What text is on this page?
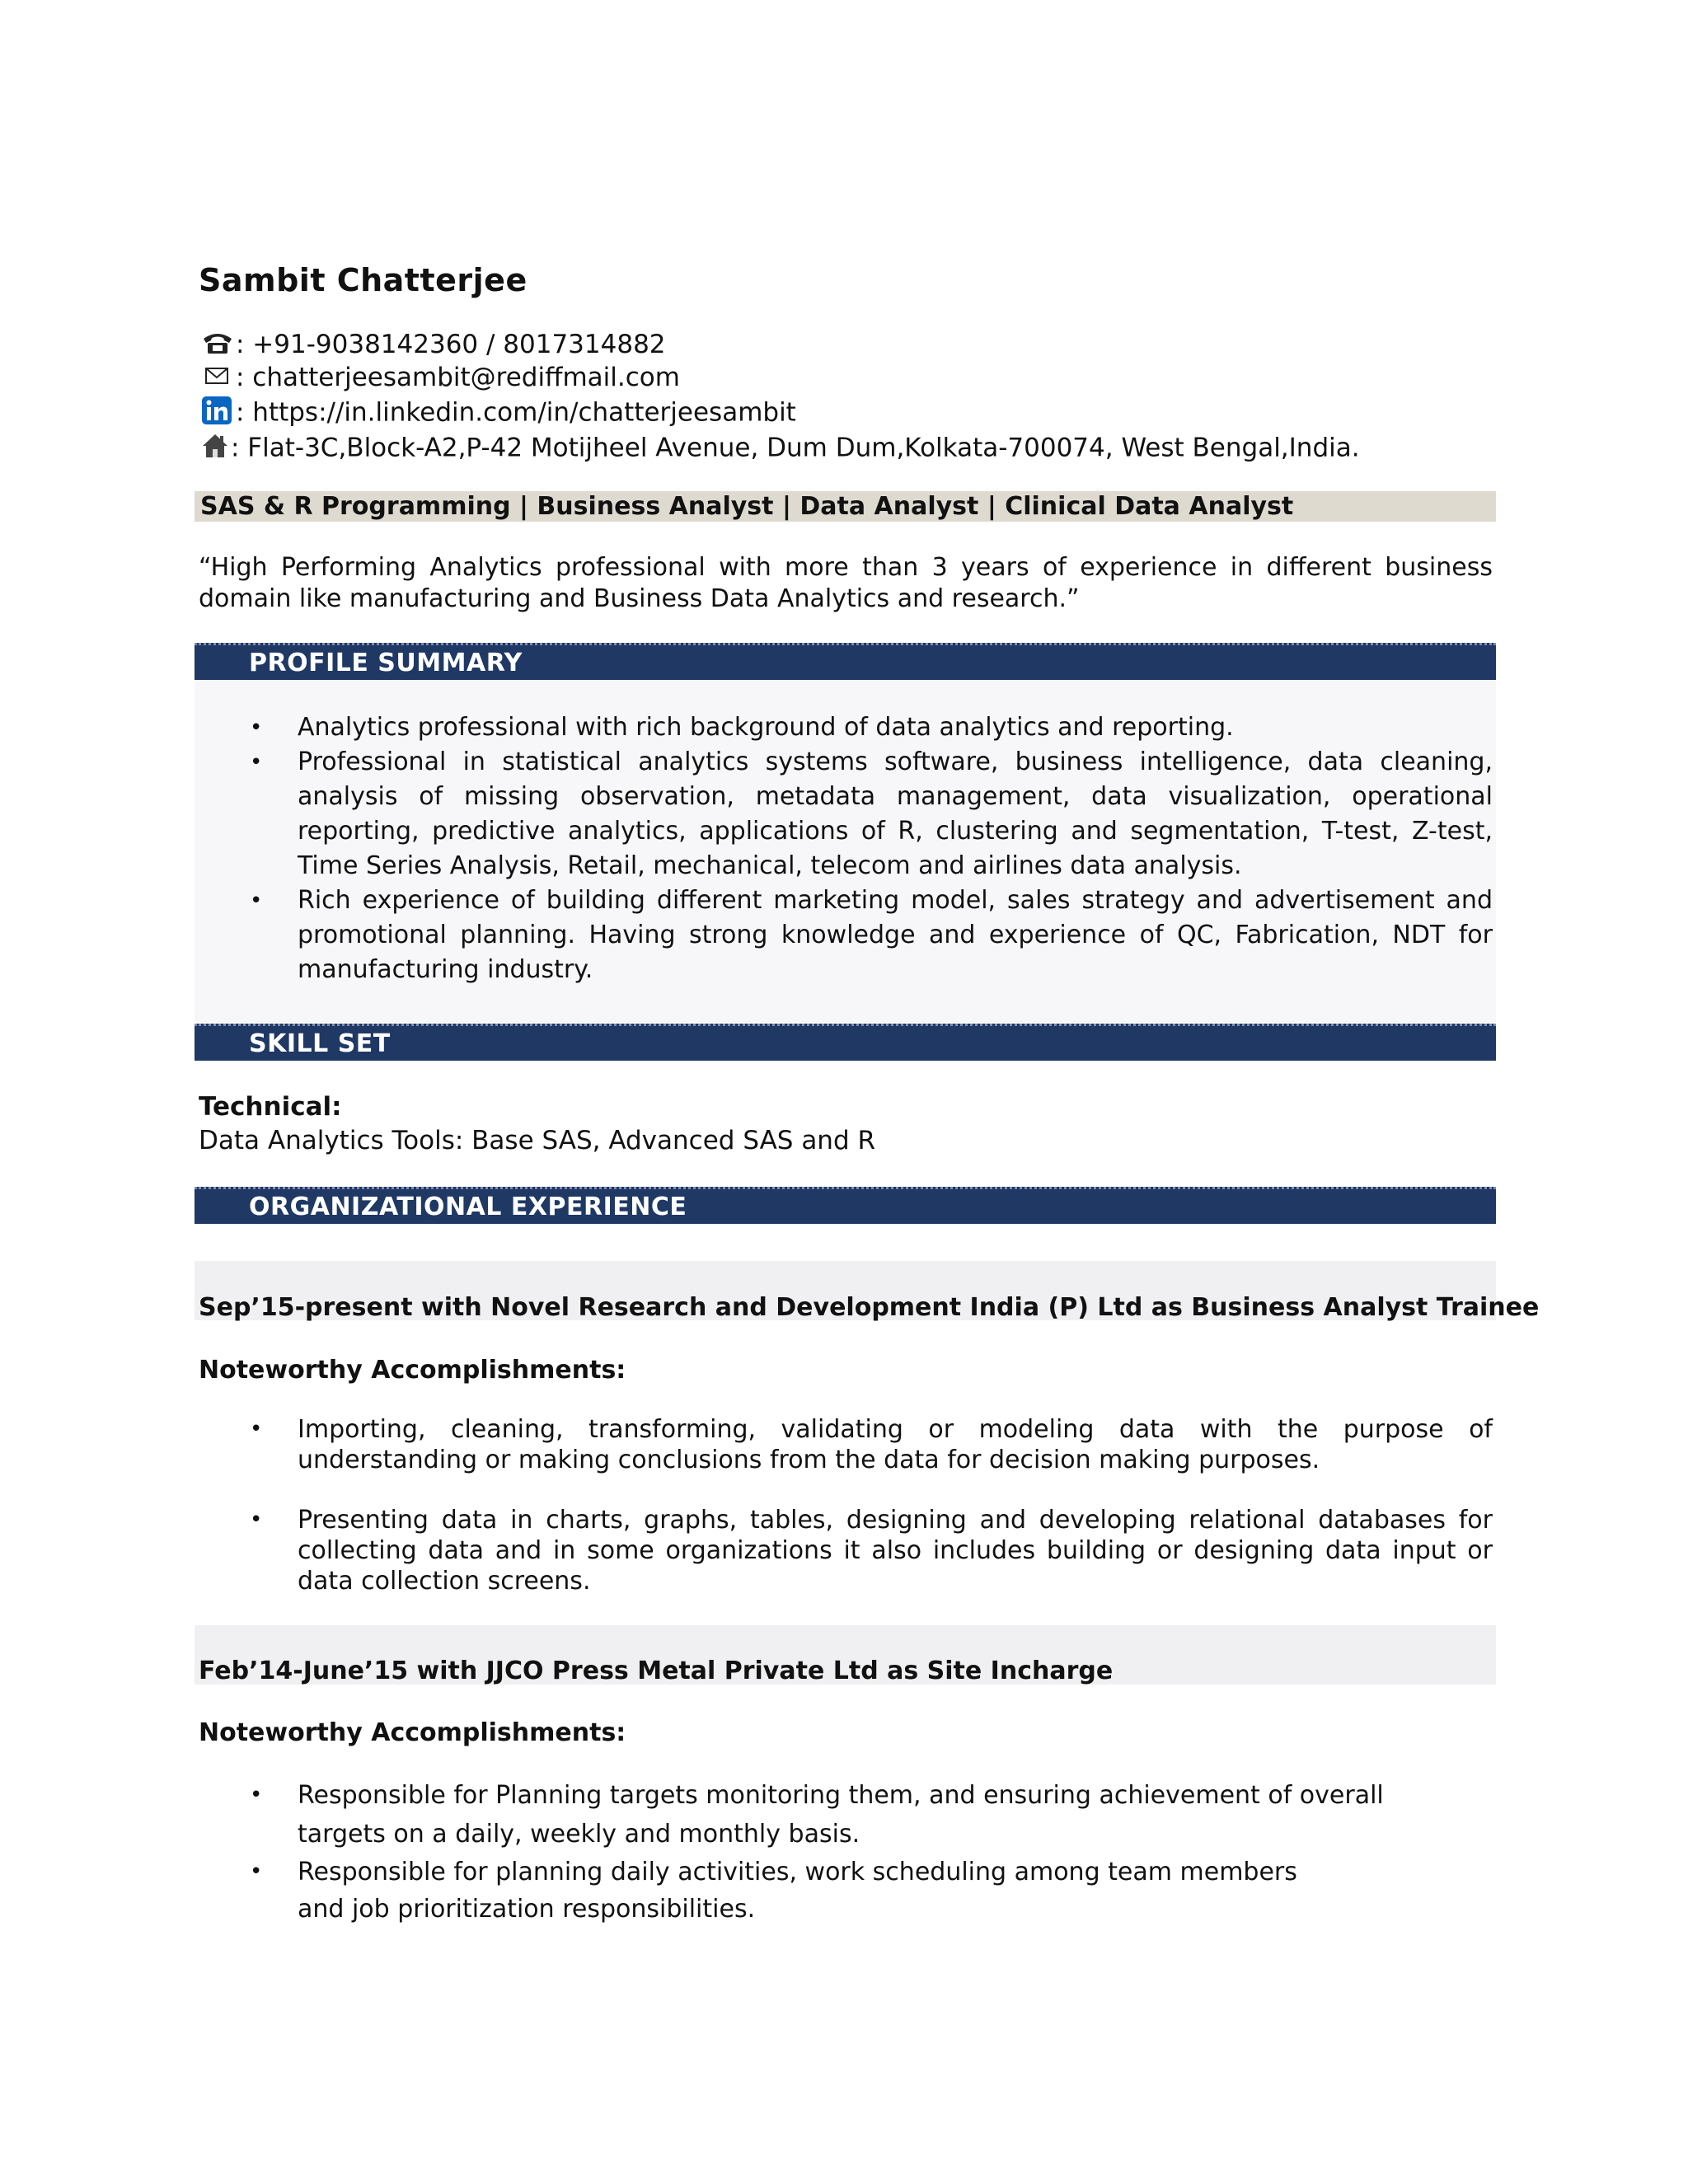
Sambit Chatterjee
: +91-9038142360 / 8017314882
: chatterjeesambit@rediffmail.com
: https://in.linkedin.com/in/chatterjeesambit
: Flat-3C,Block-A2,P-42 Motijheel Avenue, Dum Dum,Kolkata-700074, West Bengal,India.
SAS & R Programming | Business Analyst | Data Analyst | Clinical Data Analyst
“High Performing Analytics professional with more than 3 years of experience in different business domain like manufacturing and Business Data Analytics and research.”
PROFILE SUMMARY
• Analytics professional with rich background of data analytics and reporting.
• Professional in statistical analytics systems software, business intelligence, data cleaning, analysis of missing observation, metadata management, data visualization, operational reporting, predictive analytics, applications of R, clustering and segmentation, T-test, Z-test, Time Series Analysis, Retail, mechanical, telecom and airlines data analysis.
• Rich experience of building different marketing model, sales strategy and advertisement and promotional planning. Having strong knowledge and experience of QC, Fabrication, NDT for manufacturing industry.
SKILL SET
Technical:
Data Analytics Tools: Base SAS, Advanced SAS and R
ORGANIZATIONAL EXPERIENCE
Sep’15-present with Novel Research and Development India (P) Ltd as Business Analyst Trainee
Noteworthy Accomplishments:
• Importing, cleaning, transforming, validating or modeling data with the purpose of understanding or making conclusions from the data for decision making purposes.
• Presenting data in charts, graphs, tables, designing and developing relational databases for collecting data and in some organizations it also includes building or designing data input or data collection screens.
Feb’14-June’15 with JJCO Press Metal Private Ltd as Site Incharge
Noteworthy Accomplishments:
• Responsible for Planning targets monitoring them, and ensuring achievement of overall targets on a daily, weekly and monthly basis.
• Responsible for planning daily activities, work scheduling among team members and job prioritization responsibilities.
